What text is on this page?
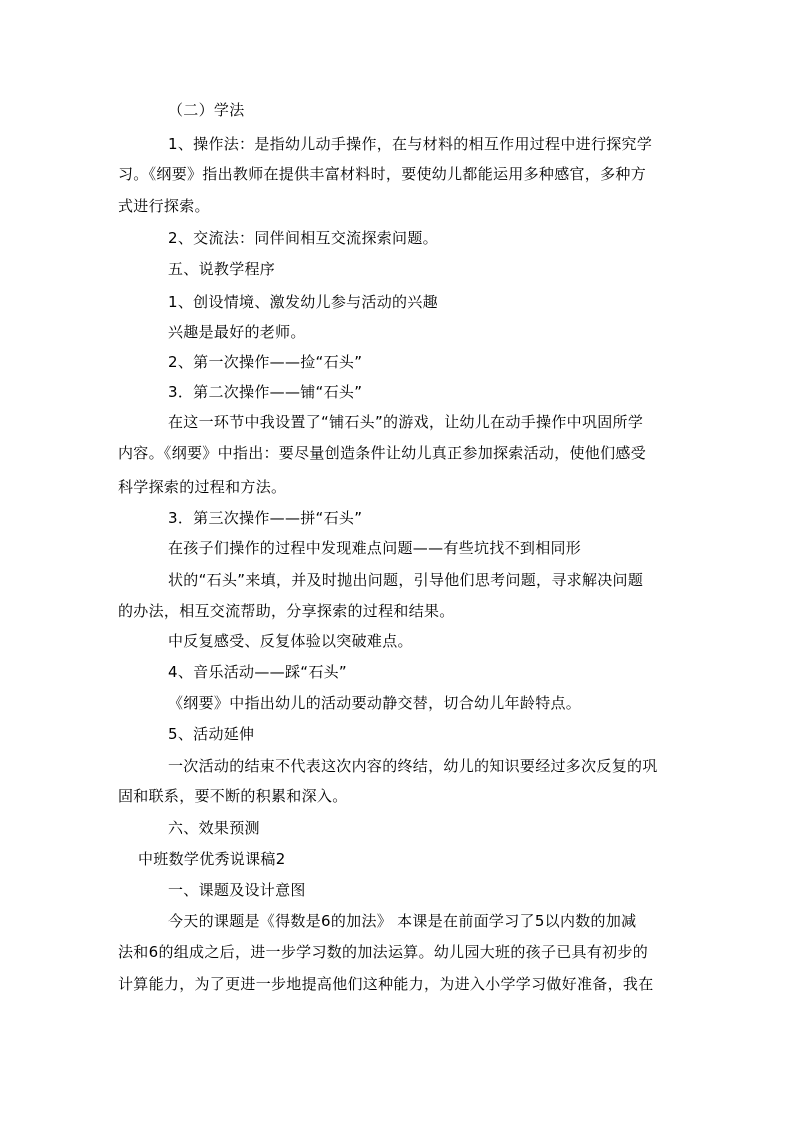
（二）学法
1、操作法：是指幼儿动手操作，在与材料的相互作用过程中进行探究学
习。《纲要》指出教师在提供丰富材料时，要使幼儿都能运用多种感官，多种方
式进行探索。
2、交流法：同伴间相互交流探索问题。
五、说教学程序
1、创设情境、激发幼儿参与活动的兴趣
兴趣是最好的老师。
2、第一次操作——捡“石头”
3．第二次操作——铺“石头”
在这一环节中我设置了“铺石头”的游戏，让幼儿在动手操作中巩固所学
内容。《纲要》中指出：要尽量创造条件让幼儿真正参加探索活动，使他们感受
科学探索的过程和方法。
3．第三次操作——拼“石头”
在孩子们操作的过程中发现难点问题——有些坑找不到相同形
状的“石头”来填，并及时抛出问题，引导他们思考问题，寻求解决问题
的办法，相互交流帮助，分享探索的过程和结果。
中反复感受、反复体验以突破难点。
4、音乐活动——踩“石头”
《纲要》中指出幼儿的活动要动静交替，切合幼儿年龄特点。
5、活动延伸
一次活动的结束不代表这次内容的终结，幼儿的知识要经过多次反复的巩
固和联系，要不断的积累和深入。
六、效果预测
中班数学优秀说课稿2
一、课题及设计意图
今天的课题是《得数是6的加法》 本课是在前面学习了5以内数的加减
法和6的组成之后，进一步学习数的加法运算。幼儿园大班的孩子已具有初步的
计算能力，为了更进一步地提高他们这种能力，为进入小学学习做好准备，我在
